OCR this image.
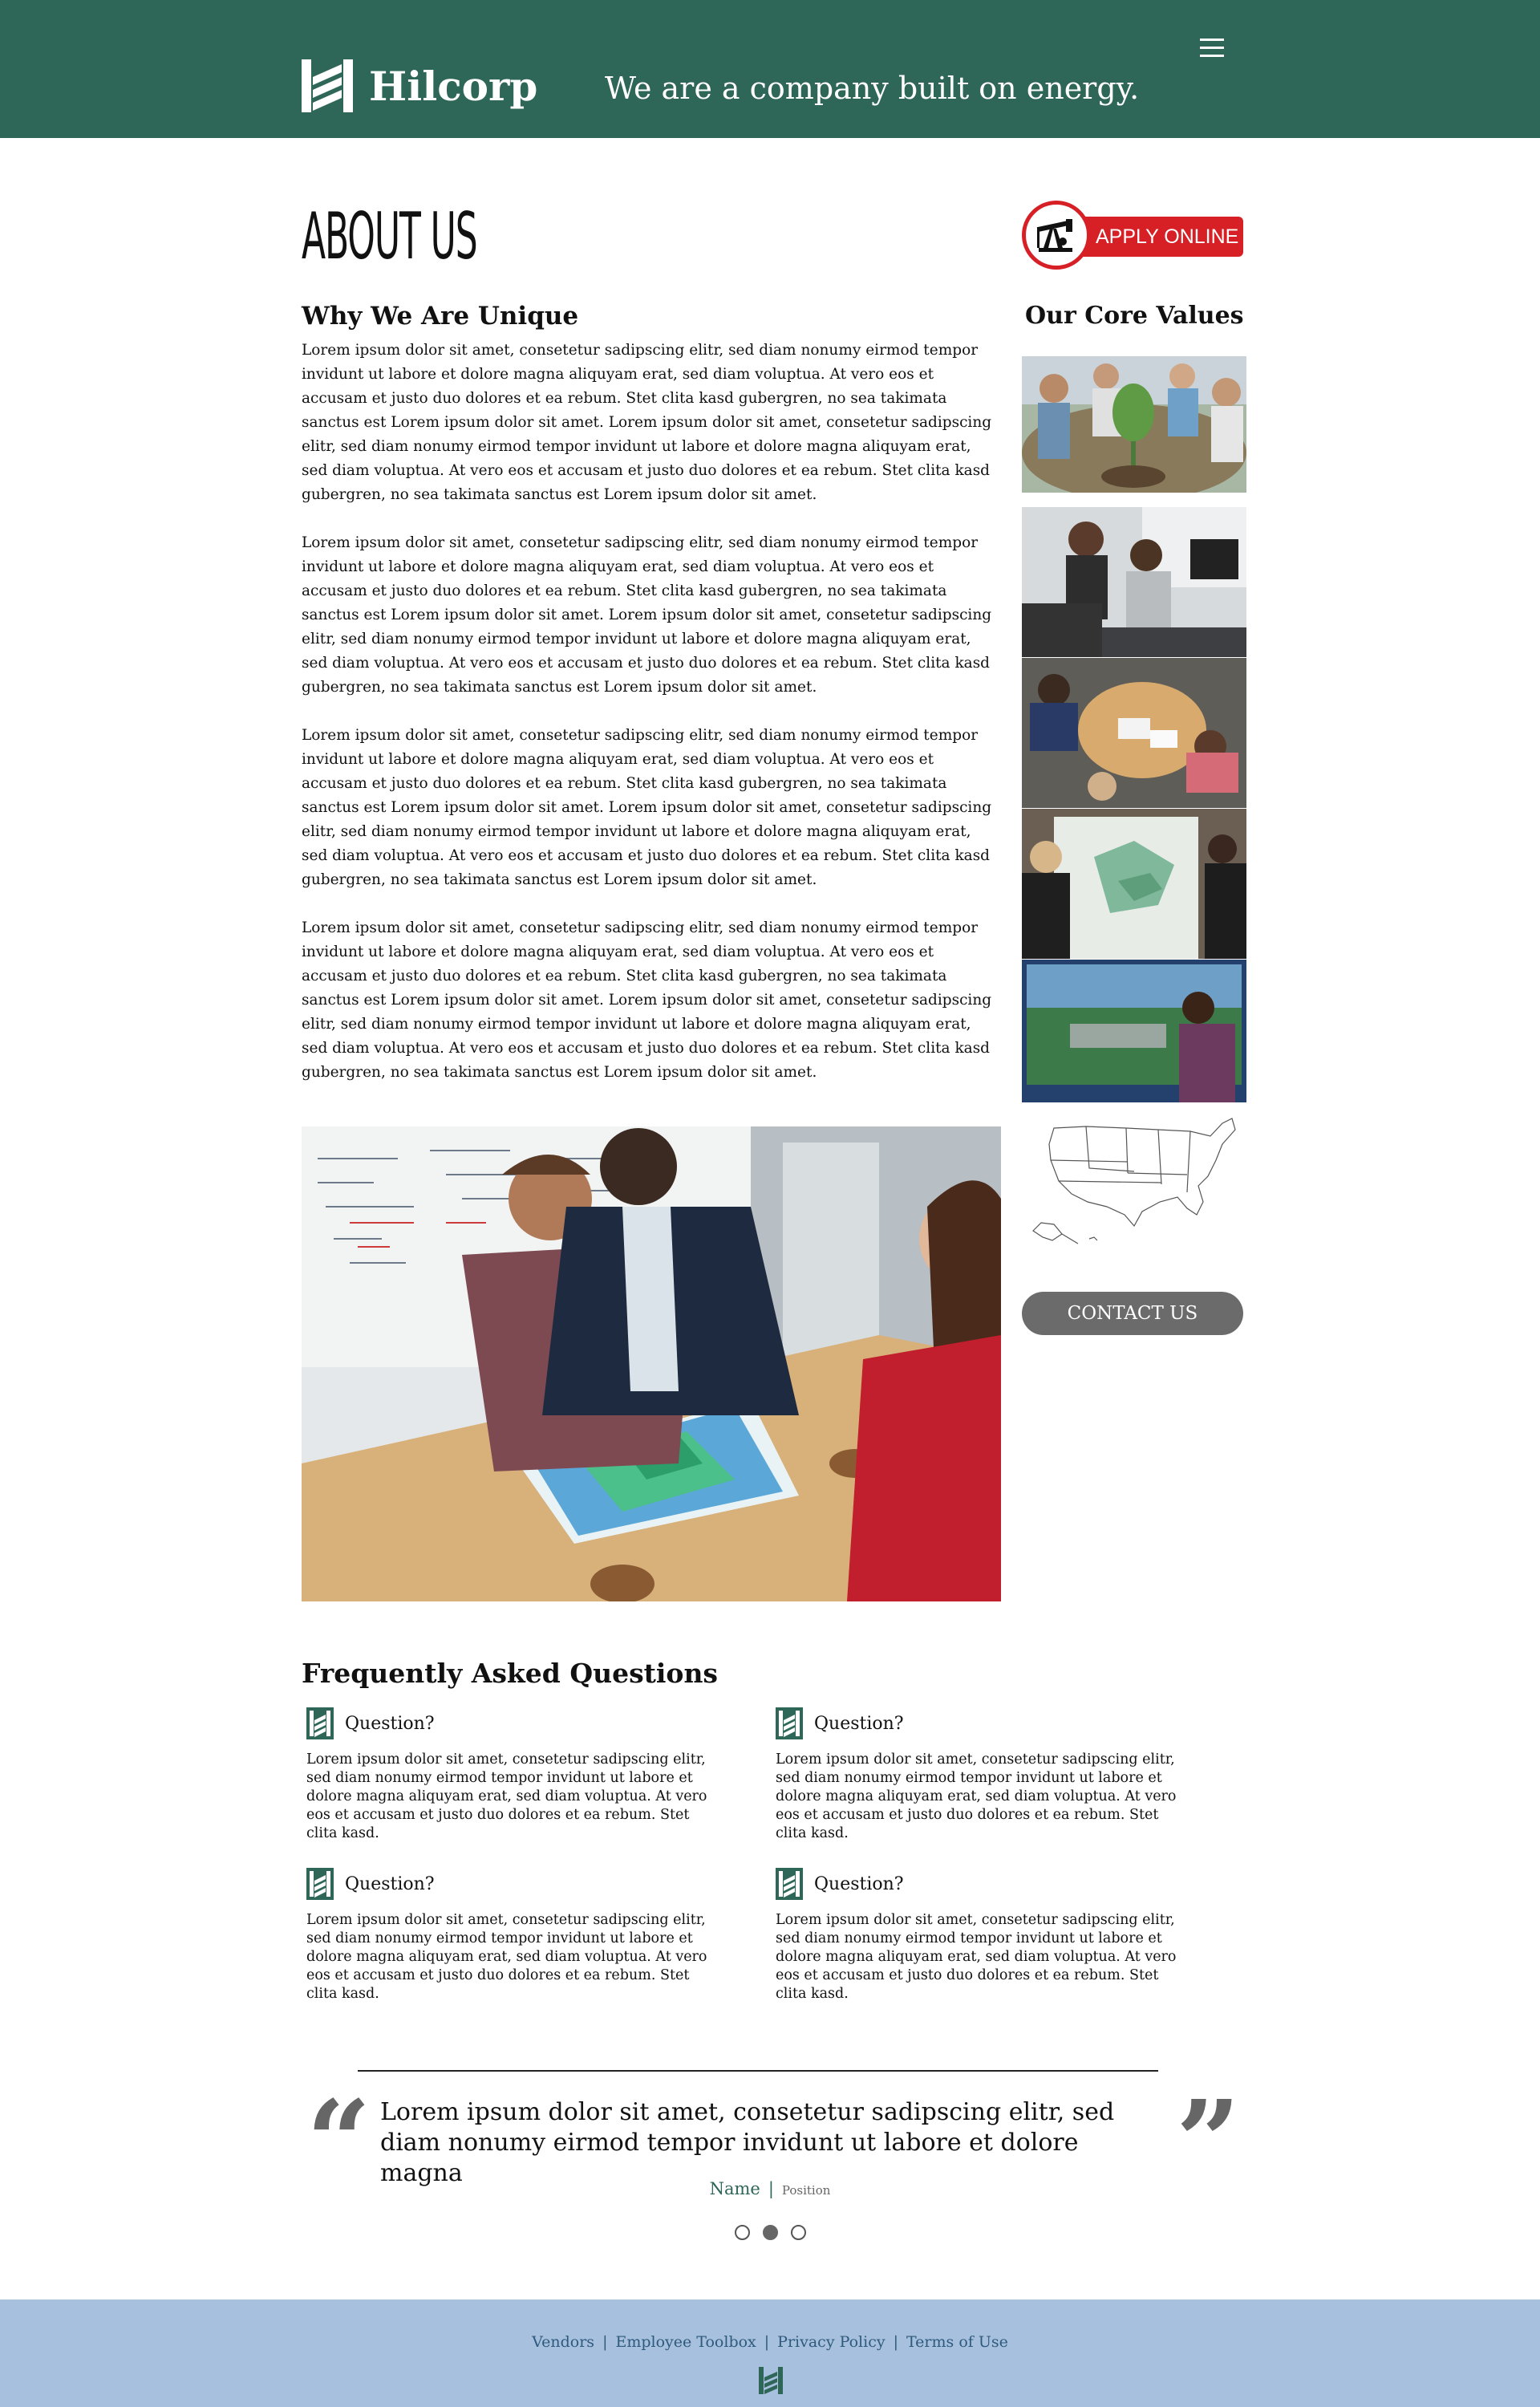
Hilcorp We are a company built on energy.
ABOUT US
Why We Are Unique

Lorem ipsum dolor sit amet, consetetur sadipscing elitr, sed diam nonumy eirmod tempor invidunt ut labore et dolore magna aliquyam erat, sed diam voluptua. At vero eos et accusam et justo duo dolores et ea rebum. Stet clita kasd gubergren, no sea takimata sanctus est Lorem ipsum dolor sit amet. Lorem ipsum dolor sit amet, consetetur sadipscing elitr, sed diam nonumy eirmod tempor invidunt ut labore et dolore magna aliquyam erat, sed diam voluptua. At vero eos et accusam et justo duo dolores et ea rebum. Stet clita kasd gubergren, no sea takimata sanctus est Lorem ipsum dolor sit amet.

Lorem ipsum dolor sit amet, consetetur sadipscing elitr, sed diam nonumy eirmod tempor invidunt ut labore et dolore magna aliquyam erat, sed diam voluptua. At vero eos et accusam et justo duo dolores et ea rebum. Stet clita kasd gubergren, no sea takimata sanctus est Lorem ipsum dolor sit amet. Lorem ipsum dolor sit amet, consetetur sadipscing elitr, sed diam nonumy eirmod tempor invidunt ut labore et dolore magna aliquyam erat, sed diam voluptua. At vero eos et accusam et justo duo dolores et ea rebum. Stet clita kasd gubergren, no sea takimata sanctus est Lorem ipsum dolor sit amet.

Lorem ipsum dolor sit amet, consetetur sadipscing elitr, sed diam nonumy eirmod tempor invidunt ut labore et dolore magna aliquyam erat, sed diam voluptua. At vero eos et accusam et justo duo dolores et ea rebum. Stet clita kasd gubergren, no sea takimata sanctus est Lorem ipsum dolor sit amet. Lorem ipsum dolor sit amet, consetetur sadipscing elitr, sed diam nonumy eirmod tempor invidunt ut labore et dolore magna aliquyam erat, sed diam voluptua. At vero eos et accusam et justo duo dolores et ea rebum. Stet clita kasd gubergren, no sea takimata sanctus est Lorem ipsum dolor sit amet.

Lorem ipsum dolor sit amet, consetetur sadipscing elitr, sed diam nonumy eirmod tempor invidunt ut labore et dolore magna aliquyam erat, sed diam voluptua. At vero eos et accusam et justo duo dolores et ea rebum. Stet clita kasd gubergren, no sea takimata sanctus est Lorem ipsum dolor sit amet. Lorem ipsum dolor sit amet, consetetur sadipscing elitr, sed diam nonumy eirmod tempor invidunt ut labore et dolore magna aliquyam erat, sed diam voluptua. At vero eos et accusam et justo duo dolores et ea rebum. Stet clita kasd gubergren, no sea takimata sanctus est Lorem ipsum dolor sit amet.

APPLY ONLINE
Our Core Values
CONTACT US
Frequently Asked Questions
Question?

Lorem ipsum dolor sit amet, consetetur sadipscing elitr, sed diam nonumy eirmod tempor invidunt ut labore et dolore magna aliquyam erat, sed diam voluptua. At vero eos et accusam et justo duo dolores et ea rebum. Stet clita kasd.

Question?

Lorem ipsum dolor sit amet, consetetur sadipscing elitr, sed diam nonumy eirmod tempor invidunt ut labore et dolore magna aliquyam erat, sed diam voluptua. At vero eos et accusam et justo duo dolores et ea rebum. Stet clita kasd.

Question?

Lorem ipsum dolor sit amet, consetetur sadipscing elitr, sed diam nonumy eirmod tempor invidunt ut labore et dolore magna aliquyam erat, sed diam voluptua. At vero eos et accusam et justo duo dolores et ea rebum. Stet clita kasd.

Question?

Lorem ipsum dolor sit amet, consetetur sadipscing elitr, sed diam nonumy eirmod tempor invidunt ut labore et dolore magna aliquyam erat, sed diam voluptua. At vero eos et accusam et justo duo dolores et ea rebum. Stet clita kasd.

“	”

Lorem ipsum dolor sit amet, consetetur sadipscing elitr, sed diam nonumy eirmod tempor invidunt ut labore et dolore magna

Name | Position
Vendors | Employee Toolbox | Privacy Policy | Terms of Use
